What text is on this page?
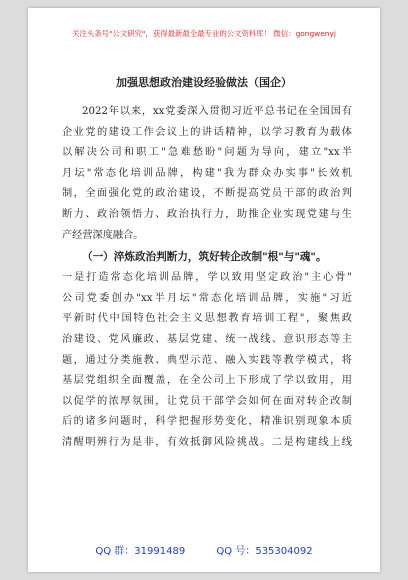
关注头条号"公文研究"，获得最新最全最专业的公文资料库！ 微信：gongwenyj
加强思想政治建设经验做法（国企）
2022年以来，xx党委深入贯彻习近平总书记在全国国有
企业党的建设工作会议上的讲话精神，以学习教育为载体
以解决公司和职工"急难愁盼"问题为导向，建立"xx半
月坛"常态化培训品牌，构建"我为群众办实事"长效机
制，全面强化党的政治建设，不断提高党员干部的政治判
断力、政治领悟力、政治执行力，助推企业实现党建与生
产经营深度融合。
（一）淬炼政治判断力，筑好转企改制"根"与"魂"。
一是打造常态化培训品牌，学以致用坚定政治"主心骨"
公司党委创办"xx半月坛"常态化培训品牌，实施"习近
平新时代中国特色社会主义思想教育培训工程"，聚焦政
治建设、党风廉政、基层党建、统一战线、意识形态等主
题，通过分类施教、典型示范、融入实践等教学模式，将
基层党组织全面覆盖，在全公司上下形成了学以致用，用
以促学的浓厚氛围，让党员干部学会如何在面对转企改制
后的诸多问题时，科学把握形势变化，精准识别现象本质
清醒明辨行为是非，有效抵御风险挑战。二是构建线上线
QQ 群：31991489	QQ 号：535304092
